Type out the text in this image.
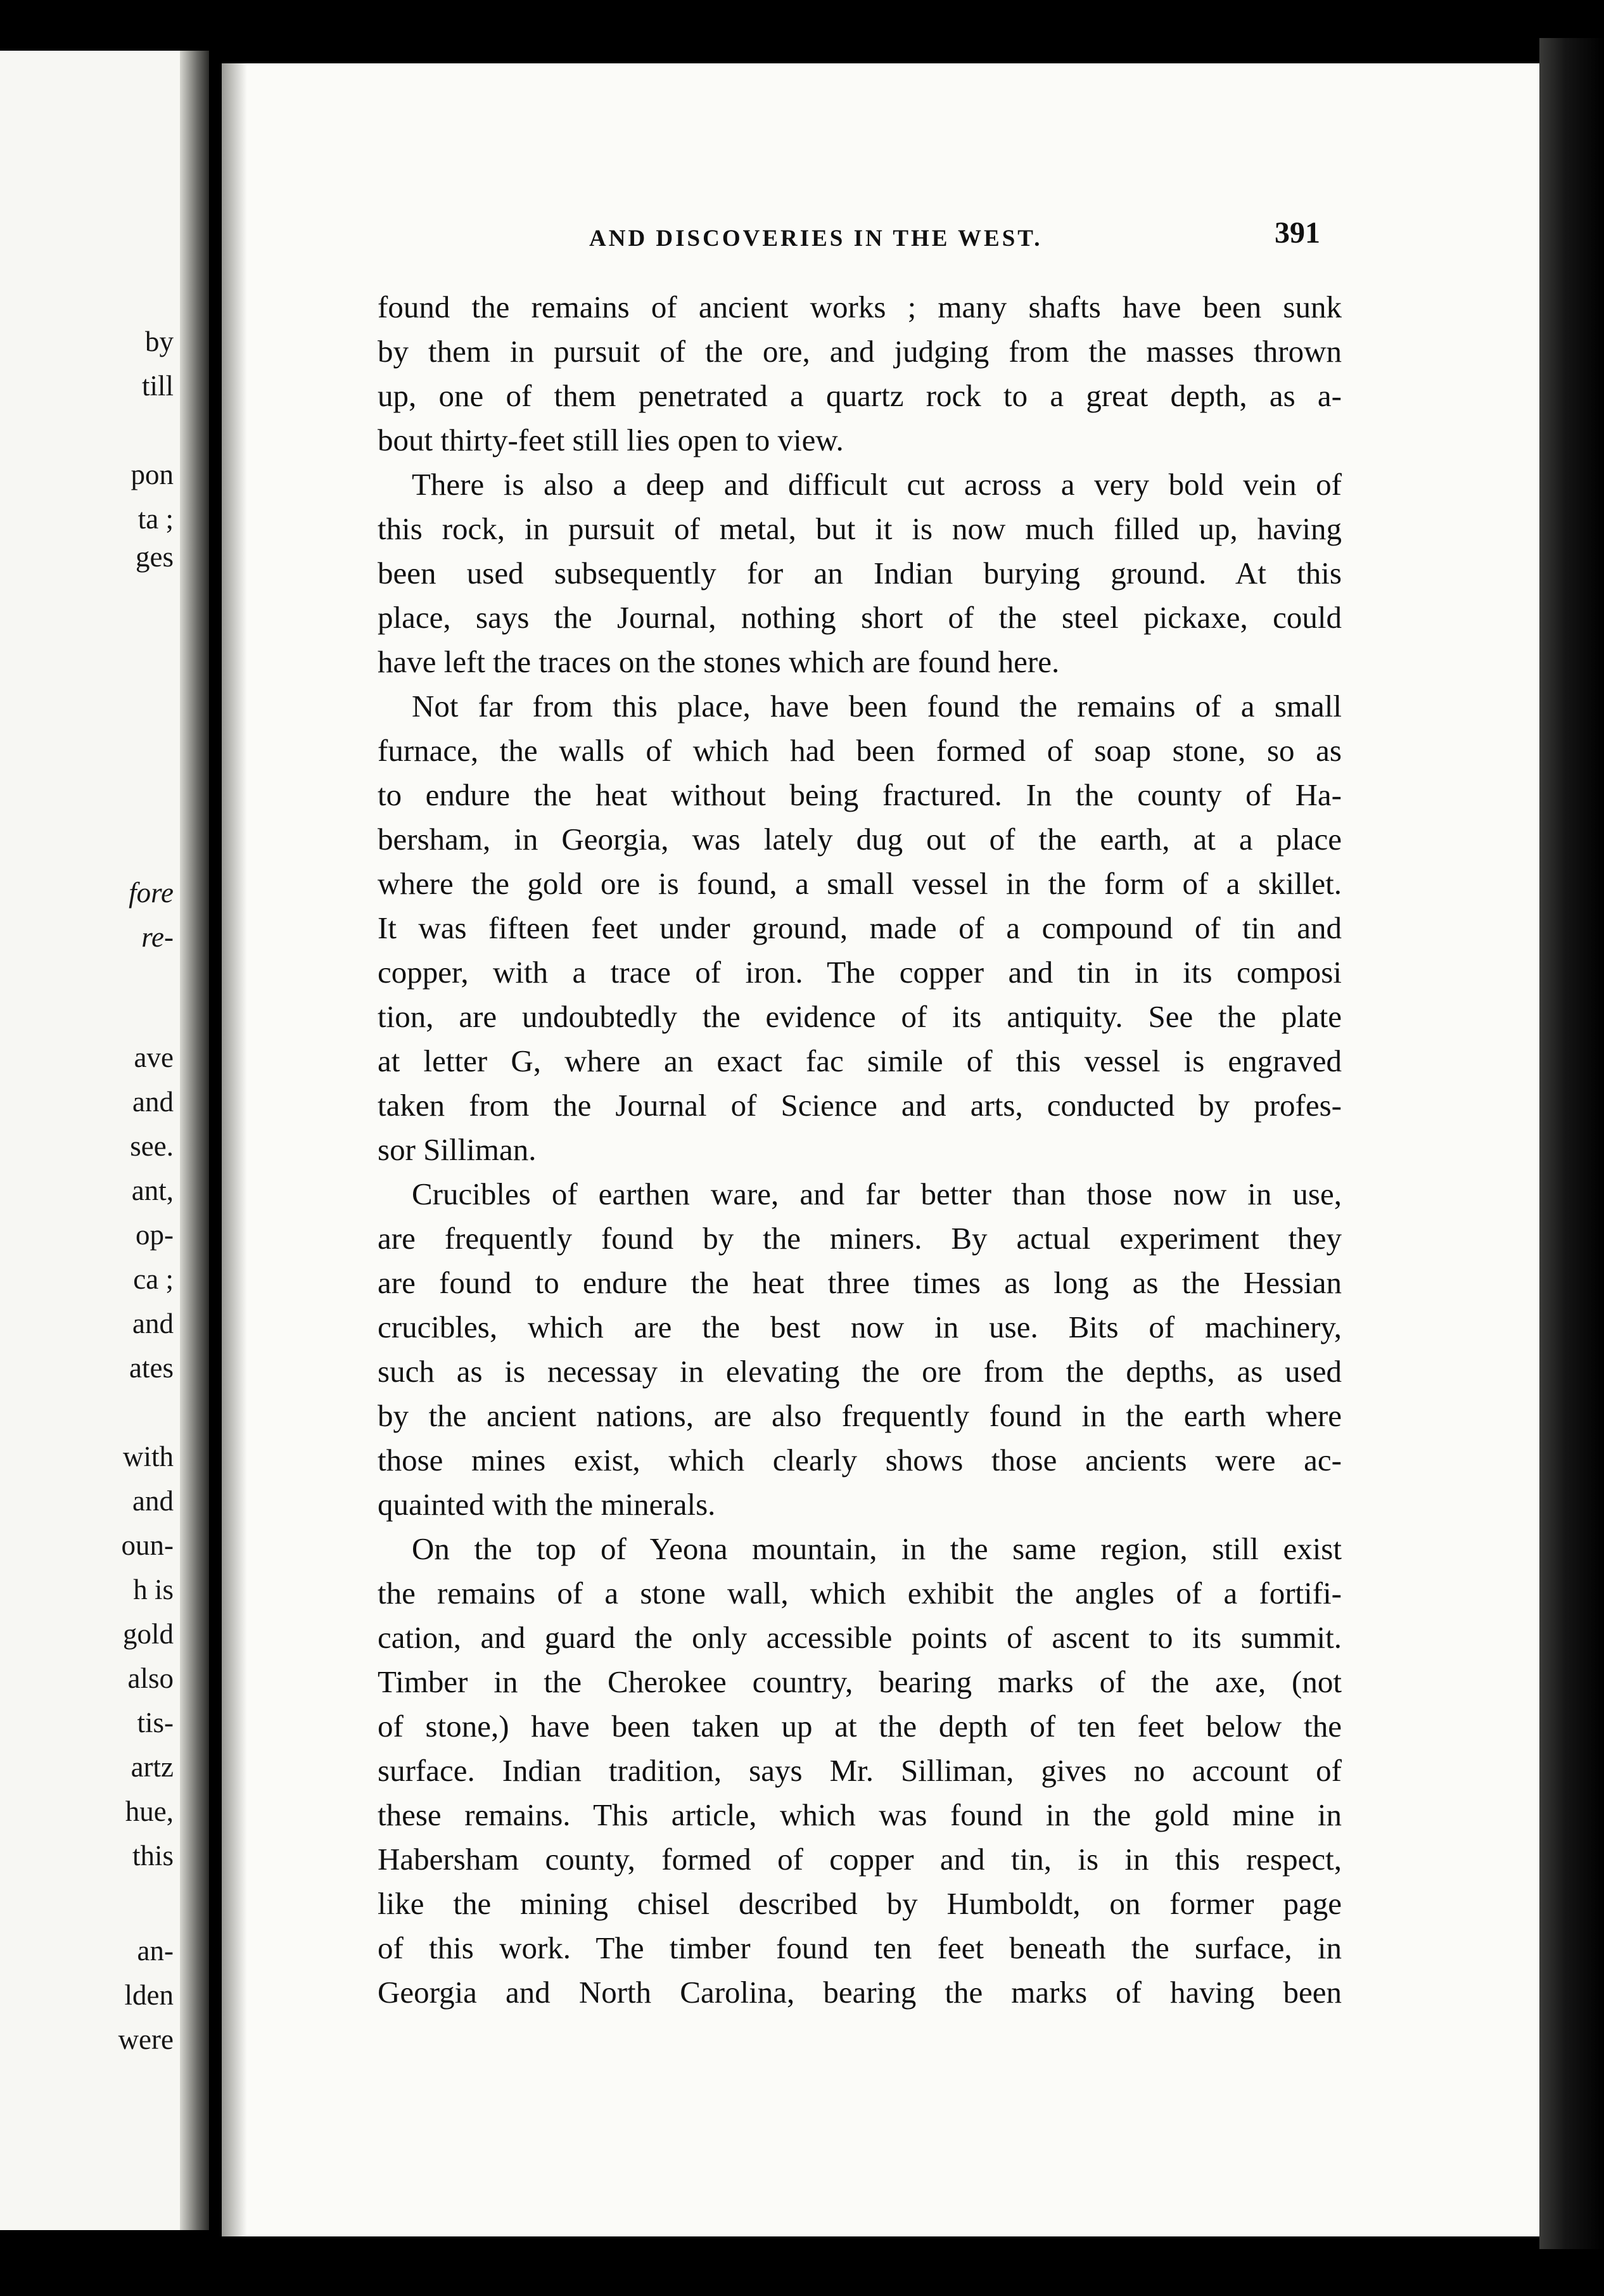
by
till
pon
ta ;
ges
fore
re-
ave
and
see.
ant,
op-
ca ;
and
ates
with
and
oun-
h is
gold
also
tis-
artz
hue,
this
an-
lden
were
AND DISCOVERIES IN THE WEST.	391
found the remains of ancient works ; many shafts have been sunk
by them in pursuit of the ore, and judging from the masses thrown
up, one of them penetrated a quartz rock to a great depth, as a-
bout thirty-feet still lies open to view.
There is also a deep and difficult cut across a very bold vein of
this rock, in pursuit of metal, but it is now much filled up, having
been used subsequently for an Indian burying ground. At this
place, says the Journal, nothing short of the steel pickaxe, could
have left the traces on the stones which are found here.
Not far from this place, have been found the remains of a small
furnace, the walls of which had been formed of soap stone, so as
to endure the heat without being fractured. In the county of Ha-
bersham, in Georgia, was lately dug out of the earth, at a place
where the gold ore is found, a small vessel in the form of a skillet.
It was fifteen feet under ground, made of a compound of tin and
copper, with a trace of iron. The copper and tin in its composi
tion, are undoubtedly the evidence of its antiquity. See the plate
at letter G, where an exact fac simile of this vessel is engraved
taken from the Journal of Science and arts, conducted by profes-
sor Silliman.
Crucibles of earthen ware, and far better than those now in use,
are frequently found by the miners. By actual experiment they
are found to endure the heat three times as long as the Hessian
crucibles, which are the best now in use. Bits of machinery,
such as is necessay in elevating the ore from the depths, as used
by the ancient nations, are also frequently found in the earth where
those mines exist, which clearly shows those ancients were ac-
quainted with the minerals.
On the top of Yeona mountain, in the same region, still exist
the remains of a stone wall, which exhibit the angles of a fortifi-
cation, and guard the only accessible points of ascent to its summit.
Timber in the Cherokee country, bearing marks of the axe, (not
of stone,) have been taken up at the depth of ten feet below the
surface. Indian tradition, says Mr. Silliman, gives no account of
these remains. This article, which was found in the gold mine in
Habersham county, formed of copper and tin, is in this respect,
like the mining chisel described by Humboldt, on former page
of this work. The timber found ten feet beneath the surface, in
Georgia and North Carolina, bearing the marks of having been
